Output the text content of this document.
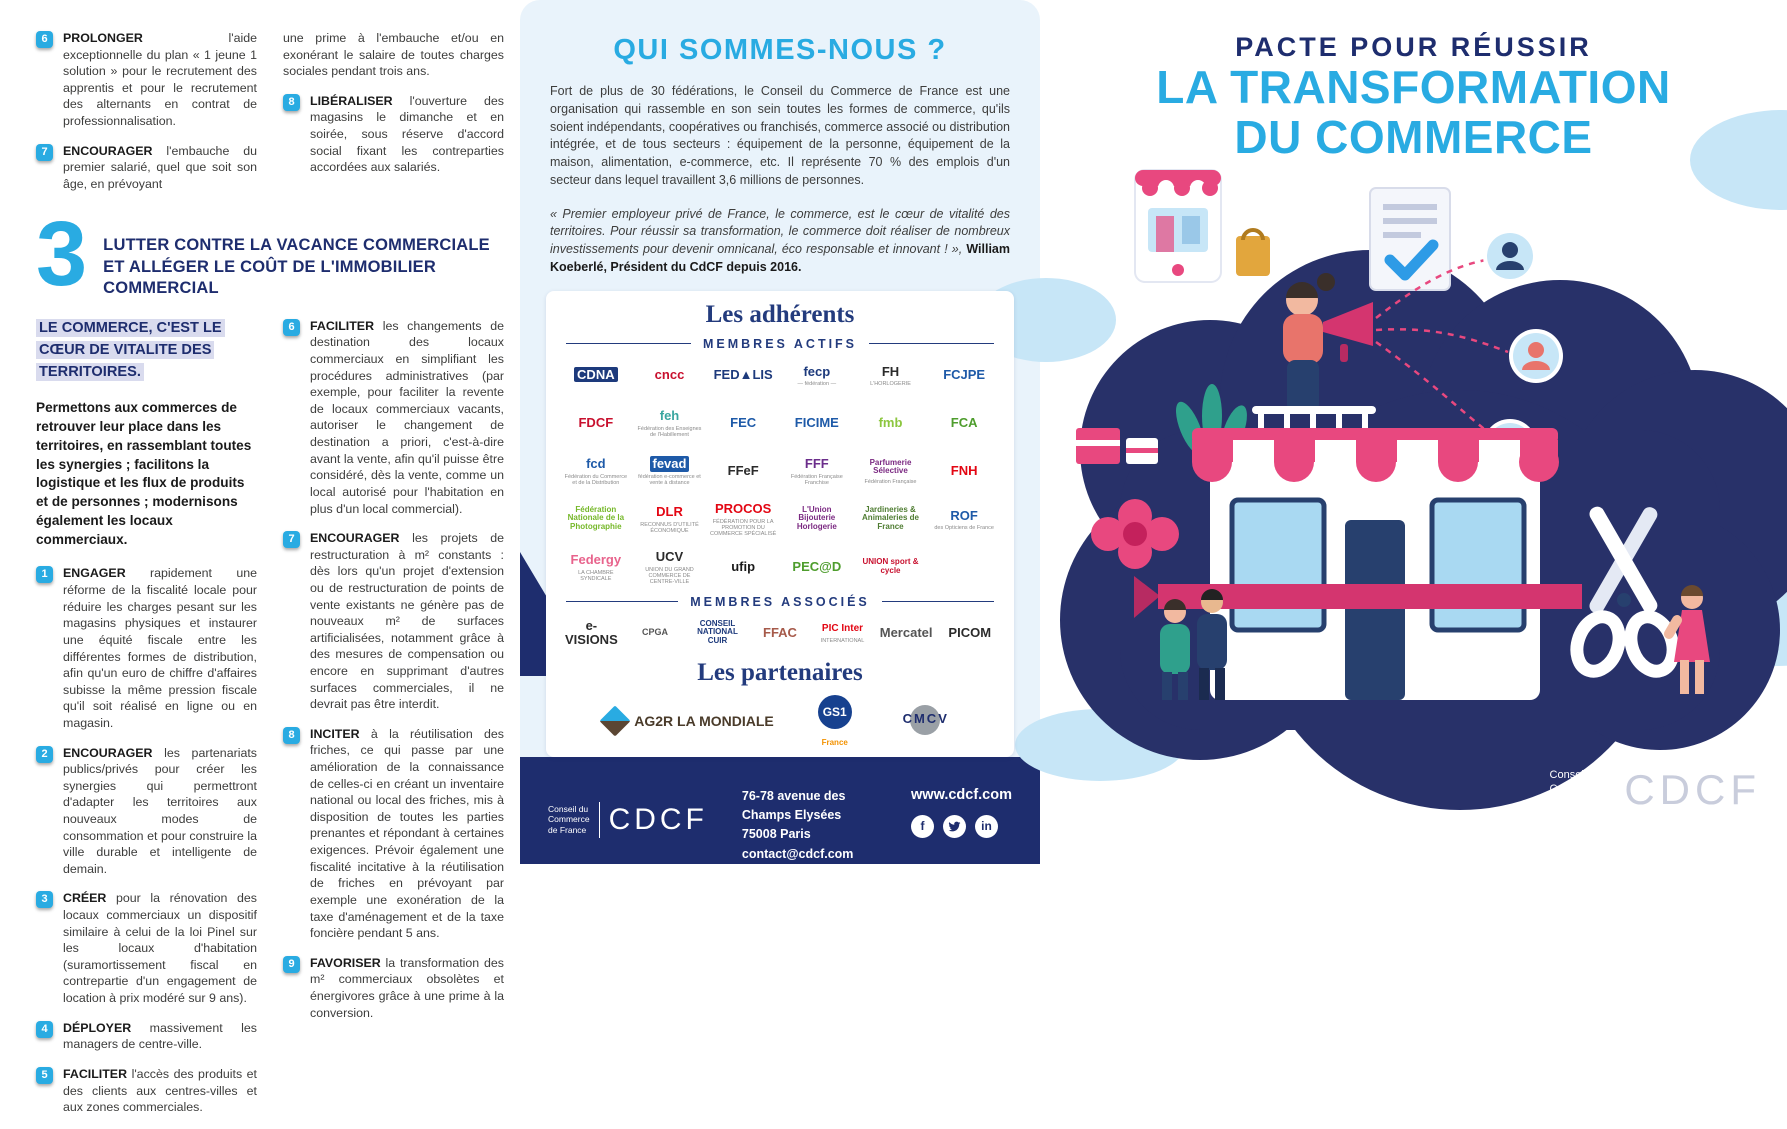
6	PROLONGER	l'aide exceptionnelle du plan « 1 jeune 1 solution » pour le recrutement des apprentis et pour le recrutement des alternants en contrat de professionnalisation.

7	ENCOURAGER l'embauche du premier salarié, quel que soit son âge, en prévoyant

une prime à l'embauche et/ou en exonérant le salaire de toutes charges sociales pendant trois ans.

8	LIBÉRALISER l'ouverture des magasins le dimanche et en soirée, sous réserve d'accord social fixant les contreparties accordées aux salariés.

3 LUTTER CONTRE LA VACANCE COMMERCIALE
ET ALLÉGER LE COÛT DE L'IMMOBILIER COMMERCIAL
LE COMMERCE, C'EST LE CŒUR DE VITALITE DES TERRITOIRES.

Permettons aux commerces de retrouver leur place dans les territoires, en rassemblant toutes les synergies ; facilitons la logistique et les flux de produits et de personnes ; modernisons également les locaux commerciaux.

1	ENGAGER rapidement une réforme de la fiscalité locale pour réduire les charges pesant sur les magasins physiques et instaurer une équité fiscale entre les différentes formes de distribution, afin qu'un euro de chiffre d'affaires subisse la même pression fiscale qu'il soit réalisé en ligne ou en magasin.

2	ENCOURAGER les partenariats publics/privés pour créer les synergies qui permettront d'adapter les territoires aux nouveaux modes de consommation et pour construire la ville durable et intelligente de demain.

3	CRÉER pour la rénovation des locaux commerciaux un dispositif similaire à celui de la loi Pinel sur les locaux d'habitation (suramortissement fiscal en contrepartie d'un engagement de location à prix modéré sur 9 ans).

4	DÉPLOYER massivement les managers de centre-ville.

5	FACILITER l'accès des produits et des clients aux centres-villes et aux zones commerciales.

6	FACILITER les changements de destination des locaux commerciaux en simplifiant les procédures administratives (par exemple, pour faciliter la revente de locaux commerciaux vacants, autoriser le changement de destination a priori, c'est-à-dire avant la vente, afin qu'il puisse être considéré, dès la vente, comme un local autorisé pour l'habitation en plus d'un local commercial).

7	ENCOURAGER les projets de restructuration à m² constants : dès lors qu'un projet d'extension ou de restructuration de points de vente existants ne génère pas de nouveaux m² de surfaces artificialisées, notamment grâce à des mesures de compensation ou encore en supprimant d'autres surfaces commerciales, il ne devrait pas être interdit.

8	INCITER à la réutilisation des friches, ce qui passe par une amélioration de la connaissance de celles-ci en créant un inventaire national ou local des friches, mis à disposition de toutes les parties prenantes et répondant à certaines exigences. Prévoir également une fiscalité incitative à la réutilisation de friches en prévoyant par exemple une exonération de la taxe d'aménagement et de la taxe foncière pendant 5 ans.

9	FAVORISER la transformation des m² commerciaux obsolètes et énergivores grâce à une prime à la conversion.

QUI SOMMES-NOUS ?

Fort de plus de 30 fédérations, le Conseil du Commerce de France est une organisation qui rassemble en son sein toutes les formes de commerce, qu'ils soient indépendants, coopératives ou franchisés, commerce associé ou distribution intégrée, et de tous secteurs : équipement de la personne, équipement de la maison, alimentation, e-commerce, etc. Il représente 70 % des emplois d'un secteur dans lequel travaillent 3,6 millions de personnes.

« Premier employeur privé de France, le commerce, est le cœur de vitalité des territoires. Pour réussir sa transformation, le commerce doit réaliser de nombreux investissements pour devenir omnicanal, éco responsable et innovant ! », William Koeberlé, Président du CdCF depuis 2016.

Les adhérents
MEMBRES ACTIFS
CDNA	cncc FED▲LIS fecp
— fédération —
FH
L'HORLOGERIE
FCJPE
FDCF	feh
Fédération des Enseignes de l'Habillement
FEC	FICIME	fmb	FCA
fcd
Fédération du Commerce et de la Distribution
fevad
fédération e-commerce et vente à distance
FFeF	FFF
Fédération Française Franchise
Parfumerie Sélective
Fédération Française
FNH
Fédération Nationale de la Photographie
DLR
RECONNUS D'UTILITÉ ÉCONOMIQUE
PROCOS
FÉDÉRATION POUR LA PROMOTION DU COMMERCE SPÉCIALISÉ
L'Union Bijouterie Horlogerie
Jardineries & Animaleries de France
ROF
des Opticiens de France
Federgy
LA CHAMBRE SYNDICALE
UCV
UNION DU GRAND COMMERCE DE CENTRE-VILLE
ufip	PEC@D	UNION sport & cycle
MEMBRES ASSOCIÉS
e-VISIONS	CPGA
CONSEIL NATIONAL CUIR
FFAC	PIC Inter
INTERNATIONAL
Mercatel PICOM
Les partenaires
AG2R LA MONDIALE
GS1
France
CMCV
Conseil du
Commerce
de France CDCF
76-78 avenue des Champs Elysées
75008 Paris
contact@cdcf.com
www.cdcf.com
f	in
PACTE POUR RÉUSSIR
LA TRANSFORMATION
DU COMMERCE
Conseil du
Commerce
de France CDCF
